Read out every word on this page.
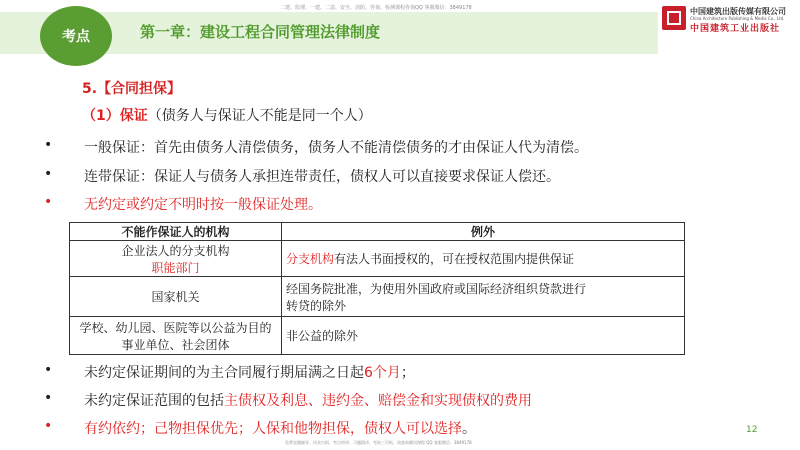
二建、监理、一建、二造、安全、消防、咨询、检测课程咨询QQ 客服微信：3849178
考点	第一章：建设工程合同管理法律制度
中国建筑出版传媒有限公司
China Architecture Publishing & Media Co., Ltd.
中国建筑工业出版社
5.【合同担保】
（1）保证（债务人与保证人不能是同一个人）
• 一般保证：首先由债务人清偿债务，债务人不能清偿债务的才由保证人代为清偿。
• 连带保证：保证人与债务人承担连带责任，债权人可以直接要求保证人偿还。
• 无约定或约定不明时按一般保证处理。
不能作保证人的机构	例外

企业法人的分支机构
职能部门	分支机构有法人书面授权的，可在授权范围内提供保证
国家机关	经国务院批准，为使用外国政府或国际经济组织贷款进行
转贷的除外

学校、幼儿园、医院等以公益为目的
事业单位、社会团体	非公益的除外
• 未约定保证期间的为主合同履行期届满之日起6个月；
• 未约定保证范围的包括主债权及利息、违约金、赔偿金和实现债权的费用
• 有约依约；己物担保优先；人保和他物担保，债权人可以选择。	12
免费直播辅导、执业内训、考点串讲、习题精讲、考前三页纸，请查询腾讯课程 QQ 客服微信：3849178
